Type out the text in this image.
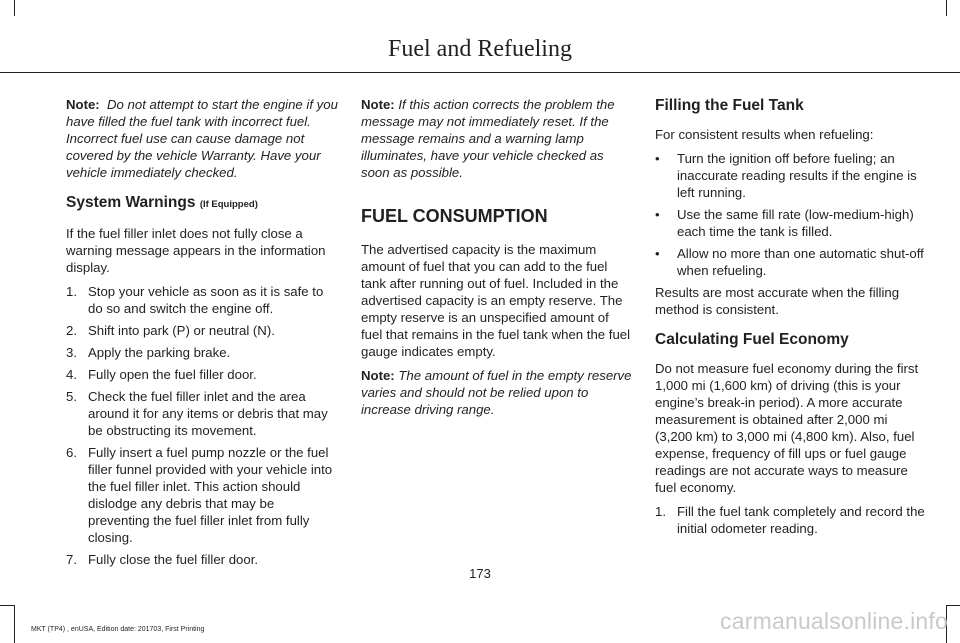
Fuel and Refueling

Note: Do not attempt to start the engine if you have filled the fuel tank with incorrect fuel. Incorrect fuel use can cause damage not covered by the vehicle Warranty. Have your vehicle immediately checked.

System Warnings (If Equipped)

If the fuel filler inlet does not fully close a warning message appears in the information display.

1. Stop your vehicle as soon as it is safe to do so and switch the engine off.
2. Shift into park (P) or neutral (N).
3. Apply the parking brake.
4. Fully open the fuel filler door.
5. Check the fuel filler inlet and the area around it for any items or debris that may be obstructing its movement.
6. Fully insert a fuel pump nozzle or the fuel filler funnel provided with your vehicle into the fuel filler inlet. This action should dislodge any debris that may be preventing the fuel filler inlet from fully closing.
7. Fully close the fuel filler door.

Note: If this action corrects the problem the message may not immediately reset. If the message remains and a warning lamp illuminates, have your vehicle checked as soon as possible.

FUEL CONSUMPTION

The advertised capacity is the maximum amount of fuel that you can add to the fuel tank after running out of fuel. Included in the advertised capacity is an empty reserve. The empty reserve is an unspecified amount of fuel that remains in the fuel tank when the fuel gauge indicates empty.

Note: The amount of fuel in the empty reserve varies and should not be relied upon to increase driving range.

Filling the Fuel Tank

For consistent results when refueling:

• Turn the ignition off before fueling; an inaccurate reading results if the engine is left running.
• Use the same fill rate (low-medium-high) each time the tank is filled.
• Allow no more than one automatic shut-off when refueling.

Results are most accurate when the filling method is consistent.

Calculating Fuel Economy

Do not measure fuel economy during the first 1,000 mi (1,600 km) of driving (this is your engine’s break-in period). A more accurate measurement is obtained after 2,000 mi (3,200 km) to 3,000 mi (4,800 km). Also, fuel expense, frequency of fill ups or fuel gauge readings are not accurate ways to measure fuel economy.

1. Fill the fuel tank completely and record the initial odometer reading.
173
MKT (TP4) , enUSA, Edition date: 201703, First Printing	carmanualsonline.info
